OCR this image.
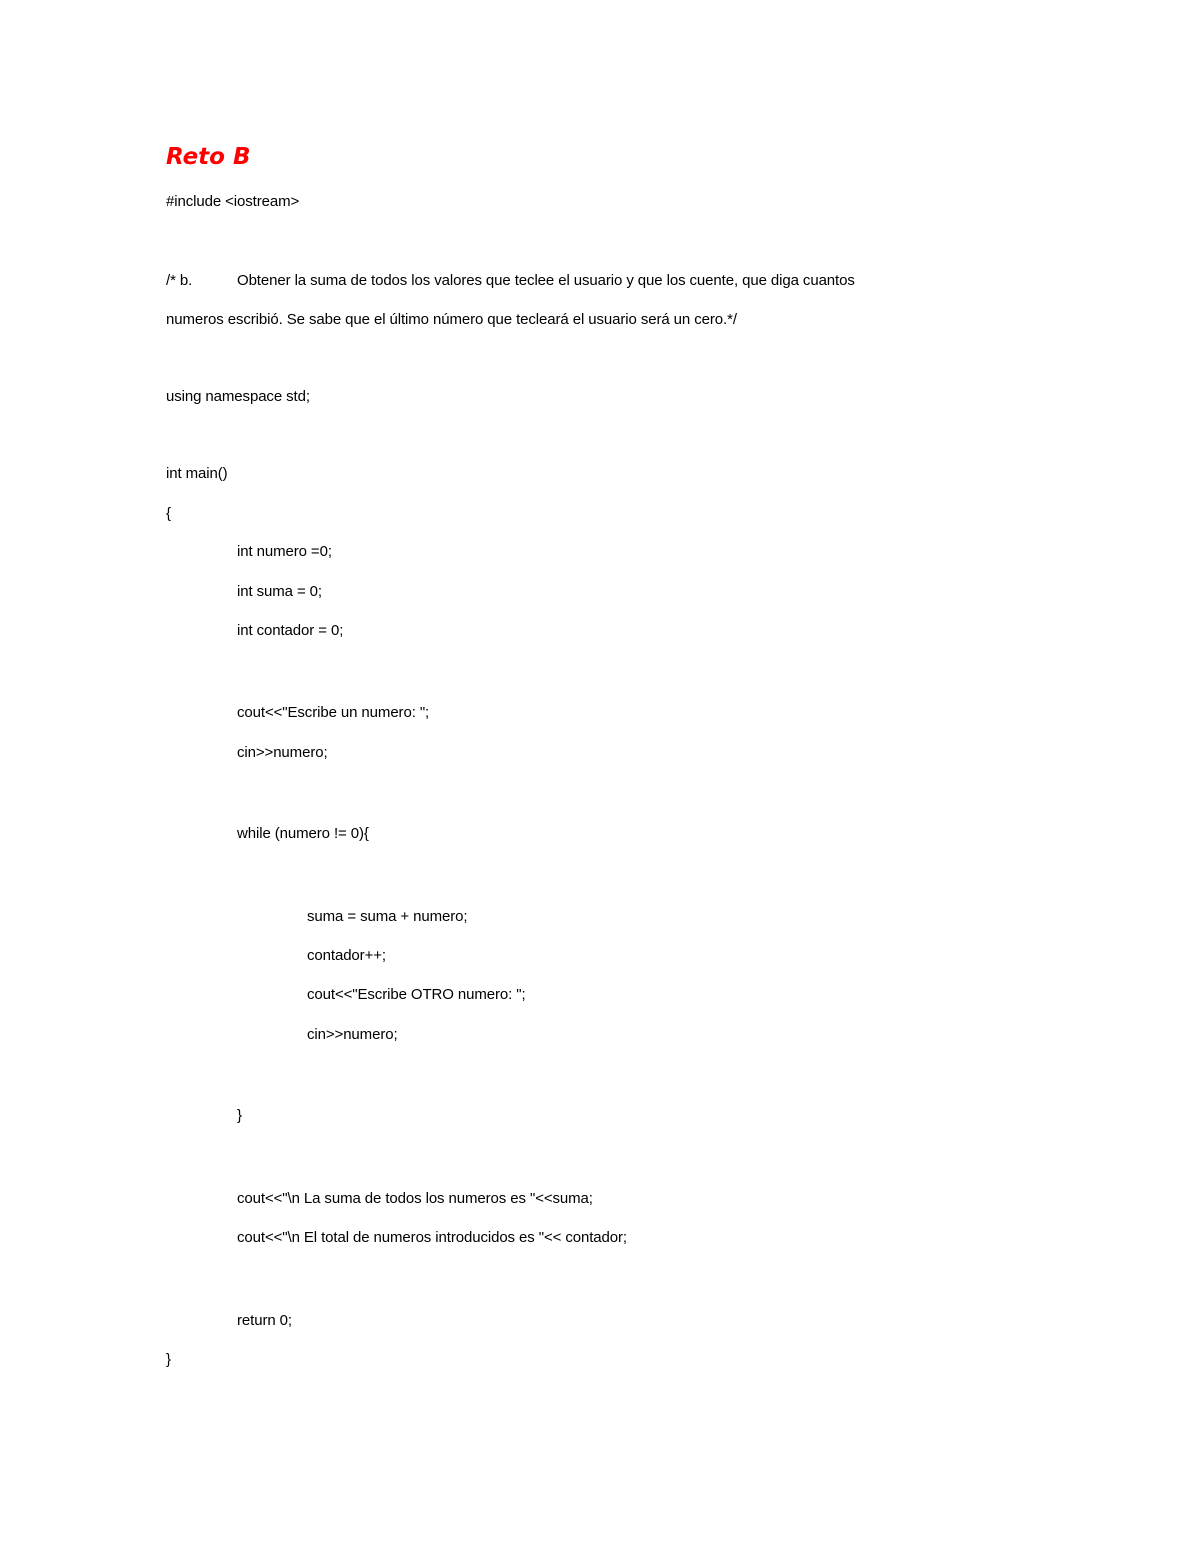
Reto B

#include <iostream>

/* b.	Obtener la suma de todos los valores que teclee el usuario y que los cuente, que diga cuantos

numeros escribió. Se sabe que el último número que tecleará el usuario será un cero.*/

using namespace std;

int main()

{

int numero =0;

int suma = 0;

int contador = 0;

cout<<"Escribe un numero: ";

cin>>numero;

while (numero != 0){

suma = suma + numero;

contador++;

cout<<"Escribe OTRO numero: ";

cin>>numero;

}

cout<<"\n La suma de todos los numeros es "<<suma;

cout<<"\n El total de numeros introducidos es "<< contador;

return 0;

}
